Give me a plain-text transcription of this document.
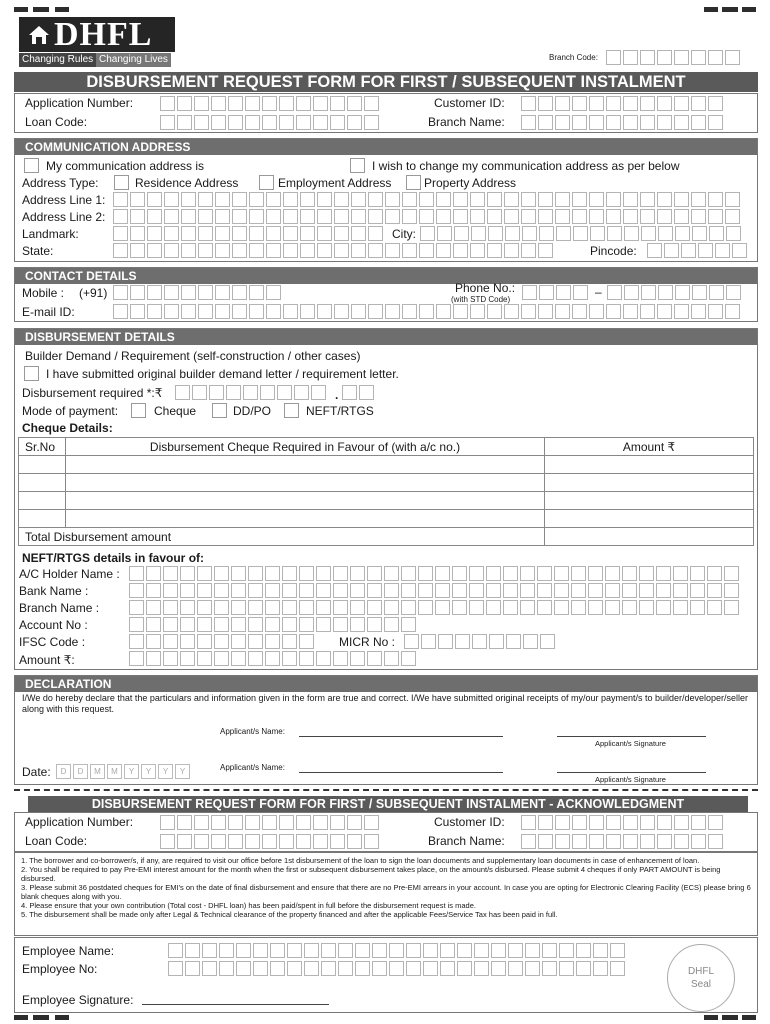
DHFL
Changing Rules Changing Lives	Branch Code:
DISBURSEMENT REQUEST FORM FOR FIRST / SUBSEQUENT INSTALMENT
Application Number:	Customer ID:
Loan Code:	Branch Name:
COMMUNICATION ADDRESS
My communication address is	I wish to change my communication address as per below
Address Type:	Residence Address	Employment Address	Property Address
Address Line 1:
Address Line 2:
Landmark:	City:
State:	Pincode:
CONTACT DETAILS
Mobile : (+91)	Phone No.:
(with STD Code)
–
E-mail ID:
DISBURSEMENT DETAILS
Builder Demand / Requirement (self-construction / other cases)
I have submitted original builder demand letter / requirement letter.
Disbursement required *:₹	.
Mode of payment:	Cheque	DD/PO	NEFT/RTGS
Cheque Details:
Sr.No	Disbursement Cheque Required in Favour of (with a/c no.)	Amount ₹

Total Disbursement amount		
NEFT/RTGS details in favour of:
A/C Holder Name :
Bank Name :
Branch Name :
Account No :
IFSC Code :	MICR No :
Amount ₹:
DECLARATION
I/We do hereby declare that the particulars and information given in the form are true and correct. I/We have submitted original receipts of my/our payment/s to builder/developer/seller along with this request.
Applicant/s Name:
Applicant/s Signature
Date:	D	D	M	M	Y	Y	Y	Y	Applicant/s Name:
Applicant/s Signature
DISBURSEMENT REQUEST FORM FOR FIRST / SUBSEQUENT INSTALMENT - ACKNOWLEDGMENT
Application Number:	Customer ID:
Loan Code:	Branch Name:
1. The borrower and co-borrower/s, if any, are required to visit our office before 1st disbursement of the loan to sign the loan documents and supplementary loan documents in case of enhancement of loan.
2. You shall be required to pay Pre-EMI interest amount for the month when the first or subsequent disbursement takes place, on the amount/s disbursed. Please submit 4 cheques if only PART AMOUNT is being disbursed.
3. Please submit 36 postdated cheques for EMI's on the date of final disbursement and ensure that there are no Pre-EMI arrears in your account. In case you are opting for Electronic Clearing Facility (ECS) please bring 6 blank cheques along with you.
4. Please ensure that your own contribution (Total cost - DHFL loan) has been paid/spent in full before the disbursement request is made.
5. The disbursement shall be made only after Legal & Technical clearance of the property financed and after the applicable Fees/Service Tax has been paid in full.
Employee Name:
Employee No:
Employee Signature:
DHFL
Seal
